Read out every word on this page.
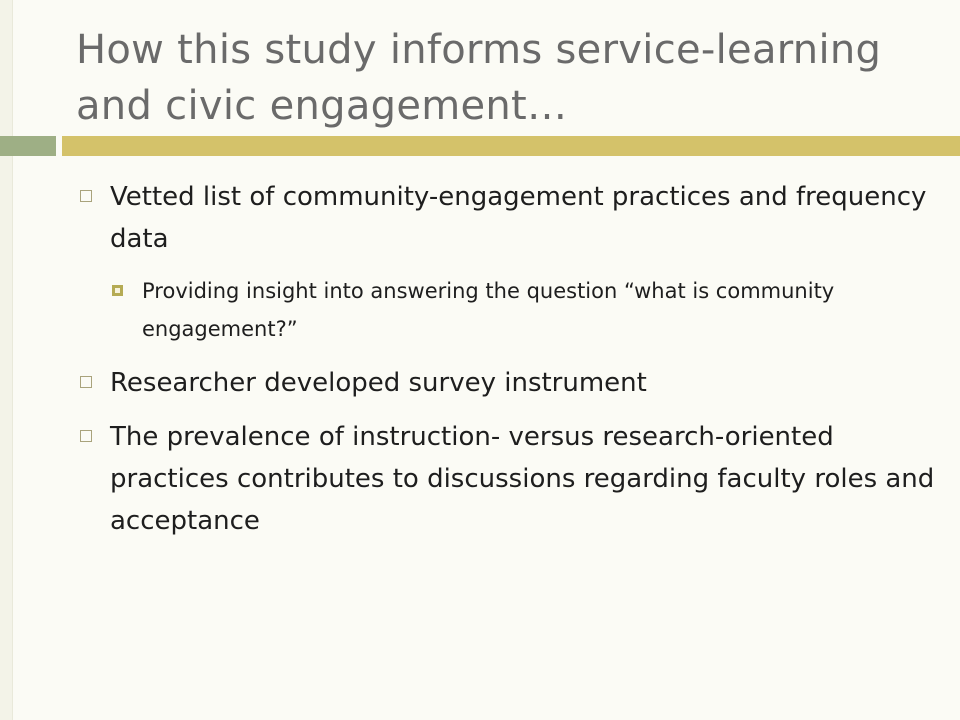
How this study informs service-learning and civic engagement…
Vetted list of community-engagement practices and frequency data
Providing insight into answering the question “what is community engagement?”
Researcher developed survey instrument
The prevalence of instruction- versus research-oriented practices contributes to discussions regarding faculty roles and acceptance
